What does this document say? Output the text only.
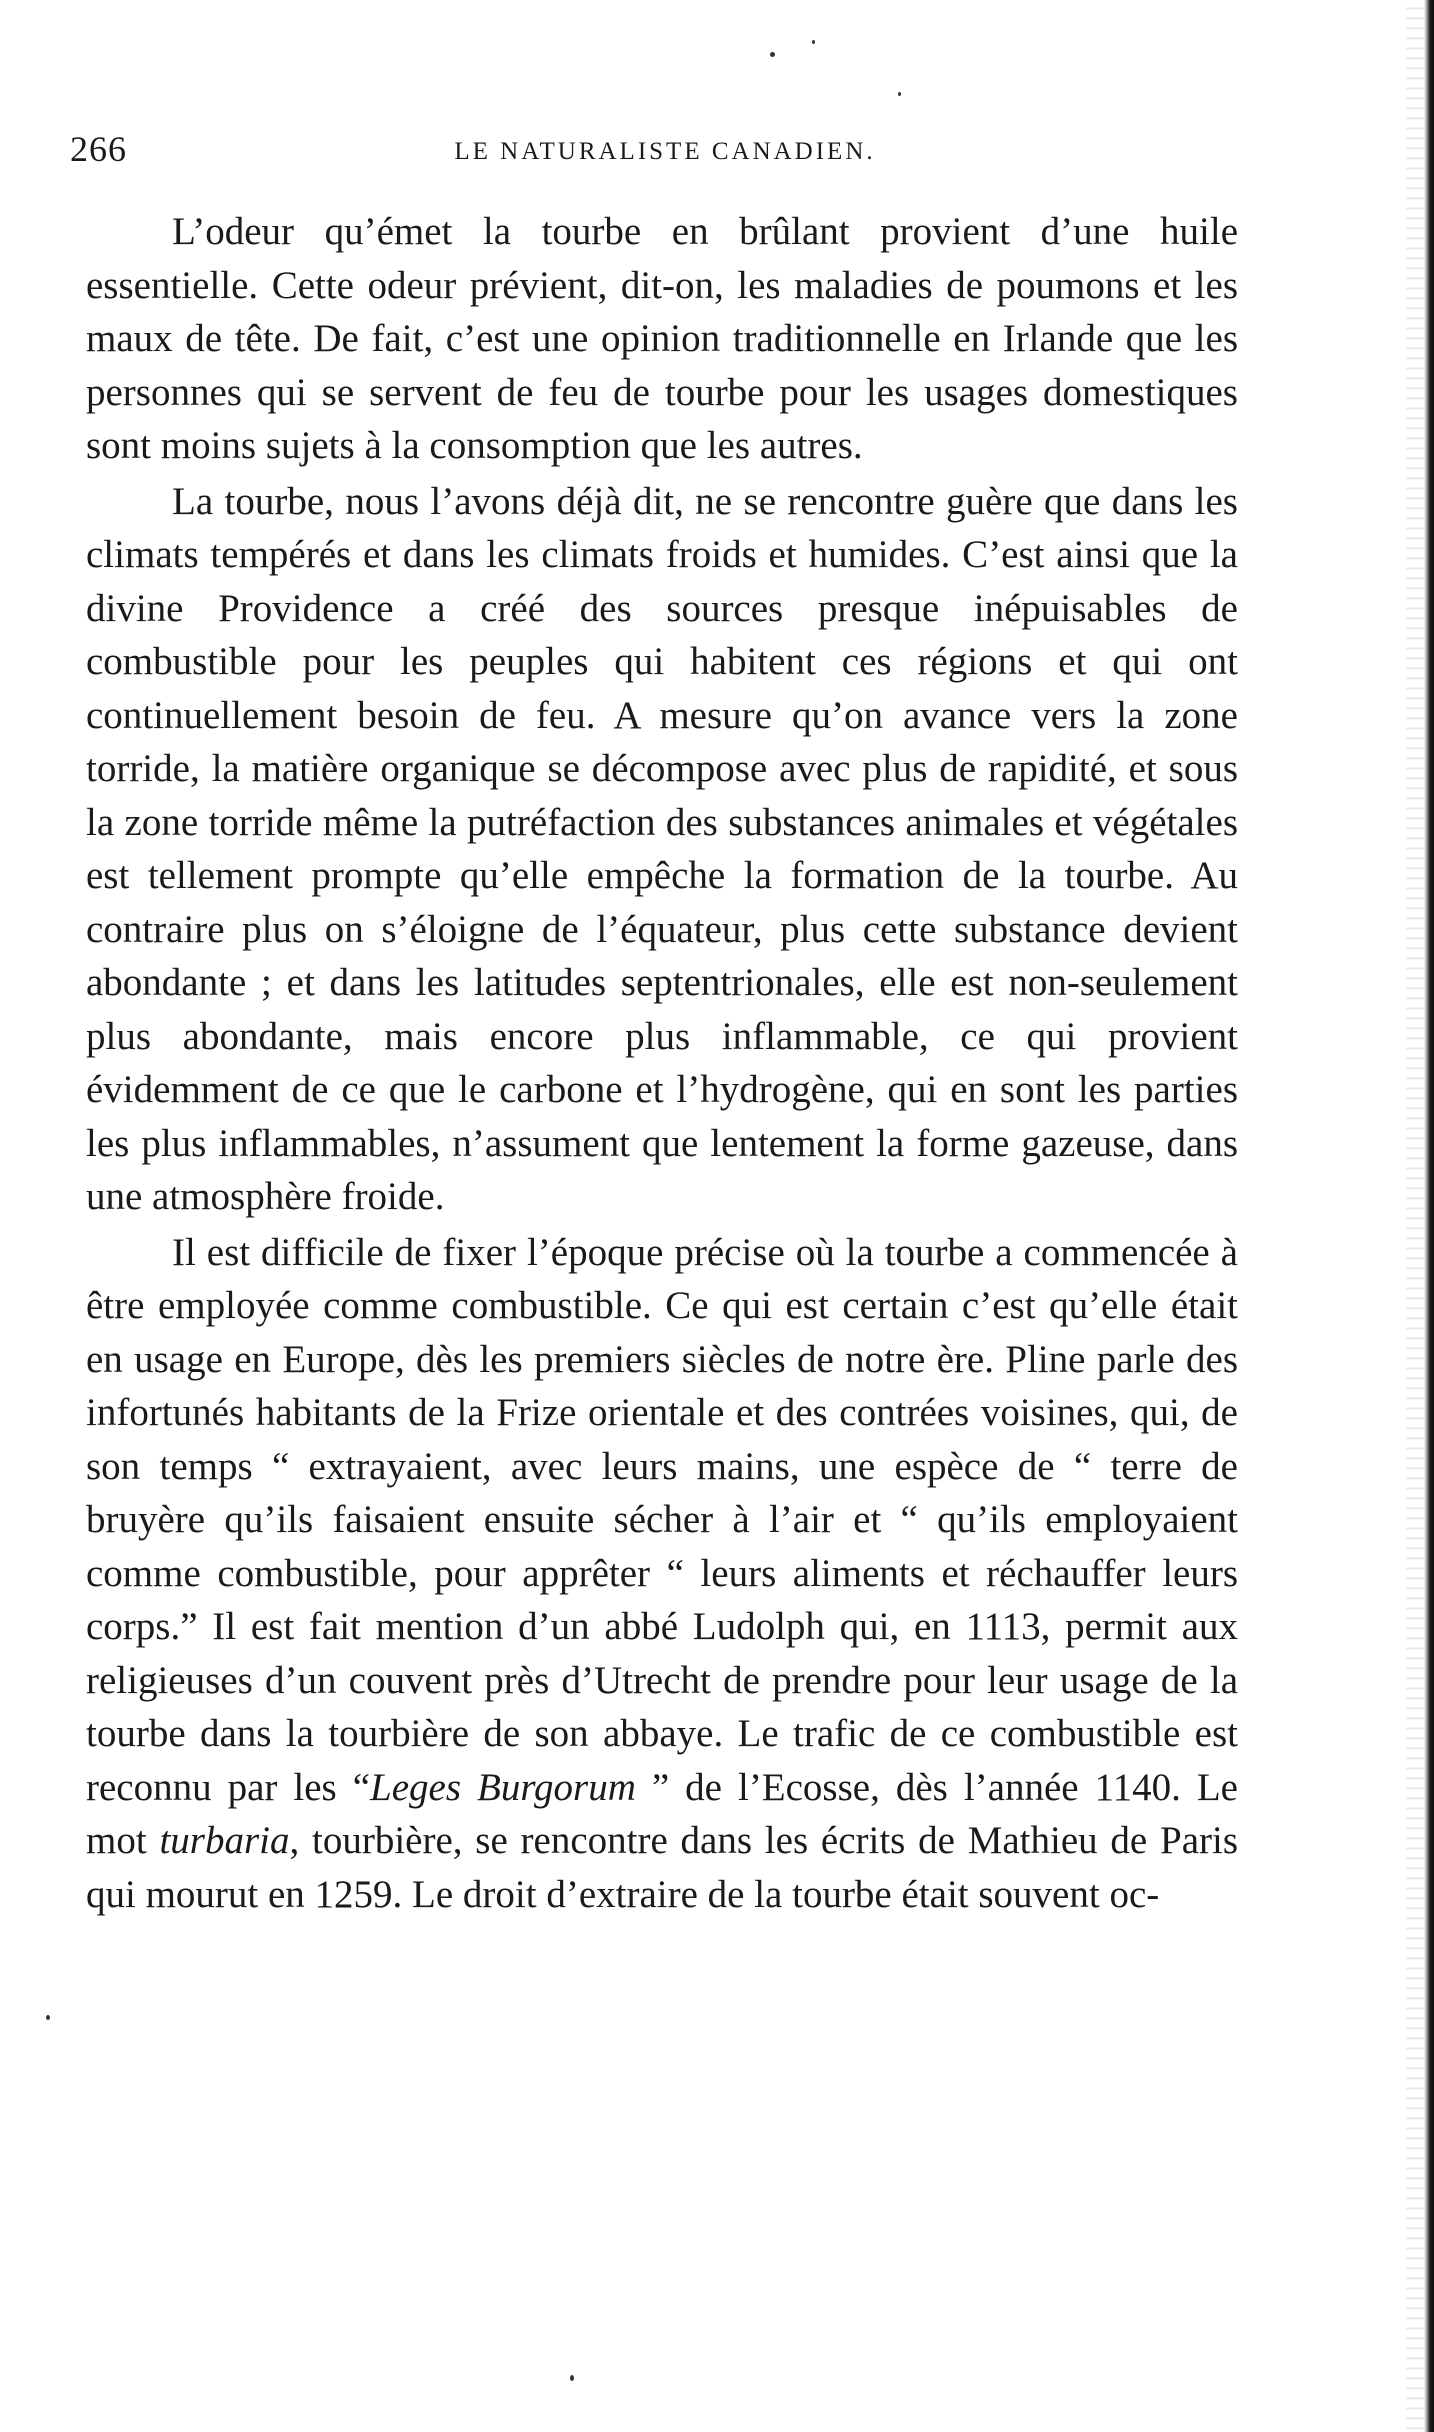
266	LE NATURALISTE CANADIEN.

L’odeur qu’émet la tourbe en brûlant provient d’une huile essentielle. Cette odeur prévient, dit-on, les maladies de poumons et les maux de tête. De fait, c’est une opinion traditionnelle en Irlande que les personnes qui se servent de feu de tourbe pour les usages domestiques sont moins sujets à la consomption que les autres.

La tourbe, nous l’avons déjà dit, ne se rencontre guère que dans les climats tempérés et dans les climats froids et humides. C’est ainsi que la divine Providence a créé des sources presque inépuisables de combustible pour les peuples qui habitent ces régions et qui ont continuellement besoin de feu. A mesure qu’on avance vers la zone torride, la matière organique se décompose avec plus de rapidité, et sous la zone torride même la putréfaction des substances animales et végétales est tellement prompte qu’elle empêche la formation de la tourbe. Au contraire plus on s’éloigne de l’équateur, plus cette substance devient abondante ; et dans les latitudes septentrionales, elle est non-seulement plus abondante, mais encore plus inflammable, ce qui provient évidemment de ce que le carbone et l’hydrogène, qui en sont les parties les plus inflammables, n’assument que lentement la forme gazeuse, dans une atmosphère froide.

Il est difficile de fixer l’époque précise où la tourbe a commencée à être employée comme combustible. Ce qui est certain c’est qu’elle était en usage en Europe, dès les premiers siècles de notre ère. Pline parle des infortunés habitants de la Frize orientale et des contrées voisines, qui, de son temps “ extrayaient, avec leurs mains, une espèce de “ terre de bruyère qu’ils faisaient ensuite sécher à l’air et “ qu’ils employaient comme combustible, pour apprêter “ leurs aliments et réchauffer leurs corps.” Il est fait mention d’un abbé Ludolph qui, en 1113, permit aux religieuses d’un couvent près d’Utrecht de prendre pour leur usage de la tourbe dans la tourbière de son abbaye. Le trafic de ce combustible est reconnu par les “Leges Burgorum ” de l’Ecosse, dès l’année 1140. Le mot turbaria, tourbière, se rencontre dans les écrits de Mathieu de Paris qui mourut en 1259. Le droit d’extraire de la tourbe était souvent oc-
